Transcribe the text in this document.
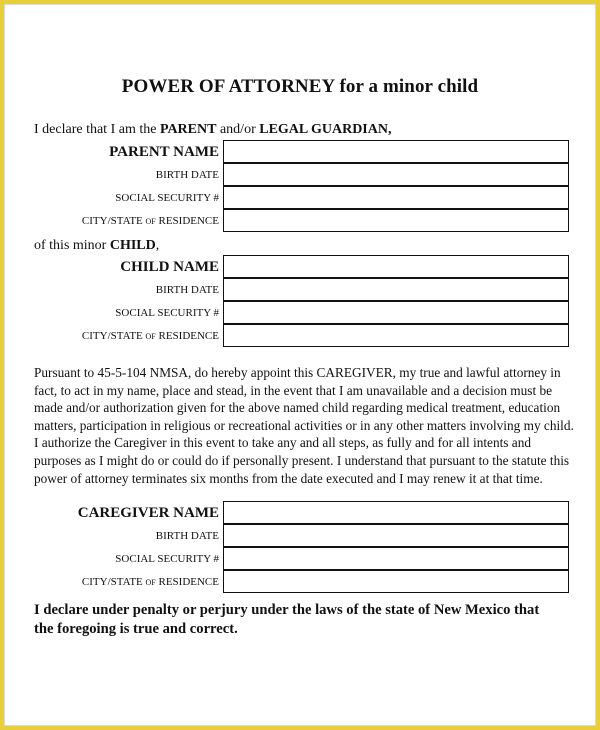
POWER OF ATTORNEY for a minor child
I declare that I am the PARENT and/or LEGAL GUARDIAN,
PARENT NAME
BIRTH DATE
SOCIAL SECURITY #
CITY/STATE of RESIDENCE
of this minor CHILD,
CHILD NAME
BIRTH DATE
SOCIAL SECURITY #
CITY/STATE of RESIDENCE
Pursuant to 45-5-104 NMSA, do hereby appoint this CAREGIVER, my true and lawful attorney in
fact, to act in my name, place and stead, in the event that I am unavailable and a decision must be
made and/or authorization given for the above named child regarding medical treatment, education
matters, participation in religious or recreational activities or in any other matters involving my child.
I authorize the Caregiver in this event to take any and all steps, as fully and for all intents and
purposes as I might do or could do if personally present. I understand that pursuant to the statute this
power of attorney terminates six months from the date executed and I may renew it at that time.
CAREGIVER NAME
BIRTH DATE
SOCIAL SECURITY #
CITY/STATE of RESIDENCE
I declare under penalty or perjury under the laws of the state of New Mexico that
the foregoing is true and correct.
